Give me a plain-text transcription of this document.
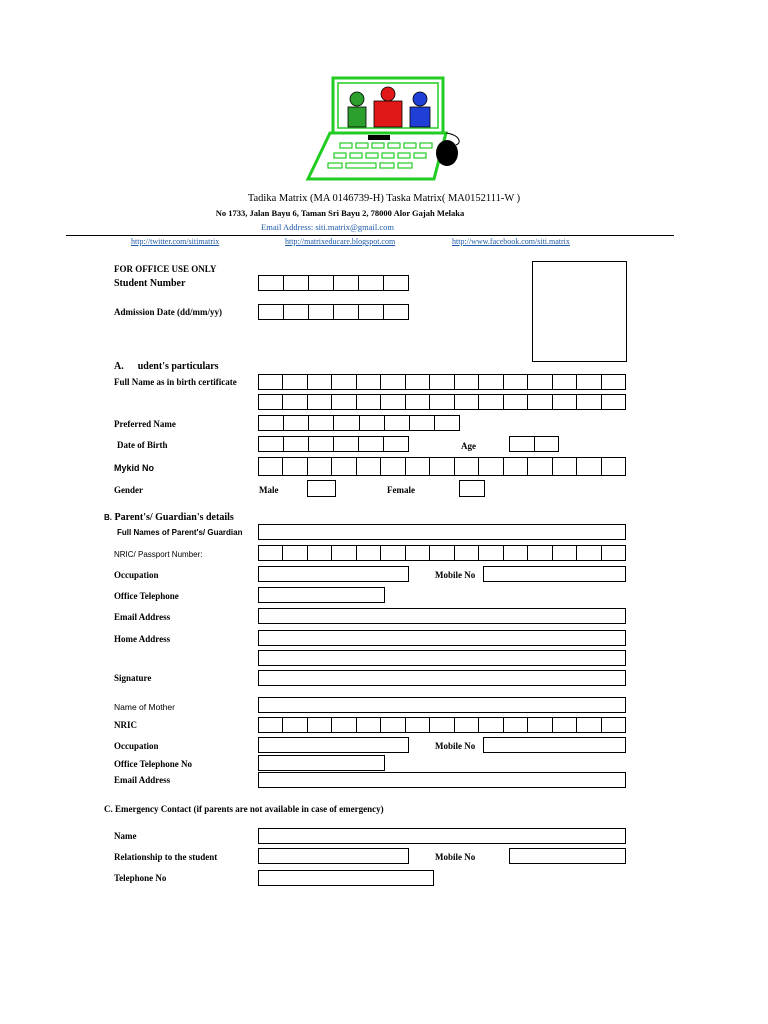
Tadika Matrix (MA 0146739-H) Taska Matrix( MA0152111-W )
No 1733, Jalan Bayu 6, Taman Sri Bayu 2, 78000 Alor Gajah Melaka
Email Address: siti.matrix@gmail.com
http://twitter.com/sitimatrix	http://matrixeducare.blogspot.com	http://www.facebook.com/siti.matrix
FOR OFFICE USE ONLY
Student Number
Admission Date (dd/mm/yy)
A. udent's particulars
Full Name as in birth certificate
Preferred Name
Date of Birth	Age
Mykid No
Gender	Male	Female
B. Parent's/ Guardian's details
Full Names of Parent's/ Guardian
NRIC/ Passport Number:
Occupation	Mobile No
Office Telephone
Email Address
Home Address
Signature
Name of Mother
NRIC
Occupation	Mobile No
Office Telephone No
Email Address
C. Emergency Contact (if parents are not available in case of emergency)
Name
Relationship to the student	Mobile No
Telephone No
